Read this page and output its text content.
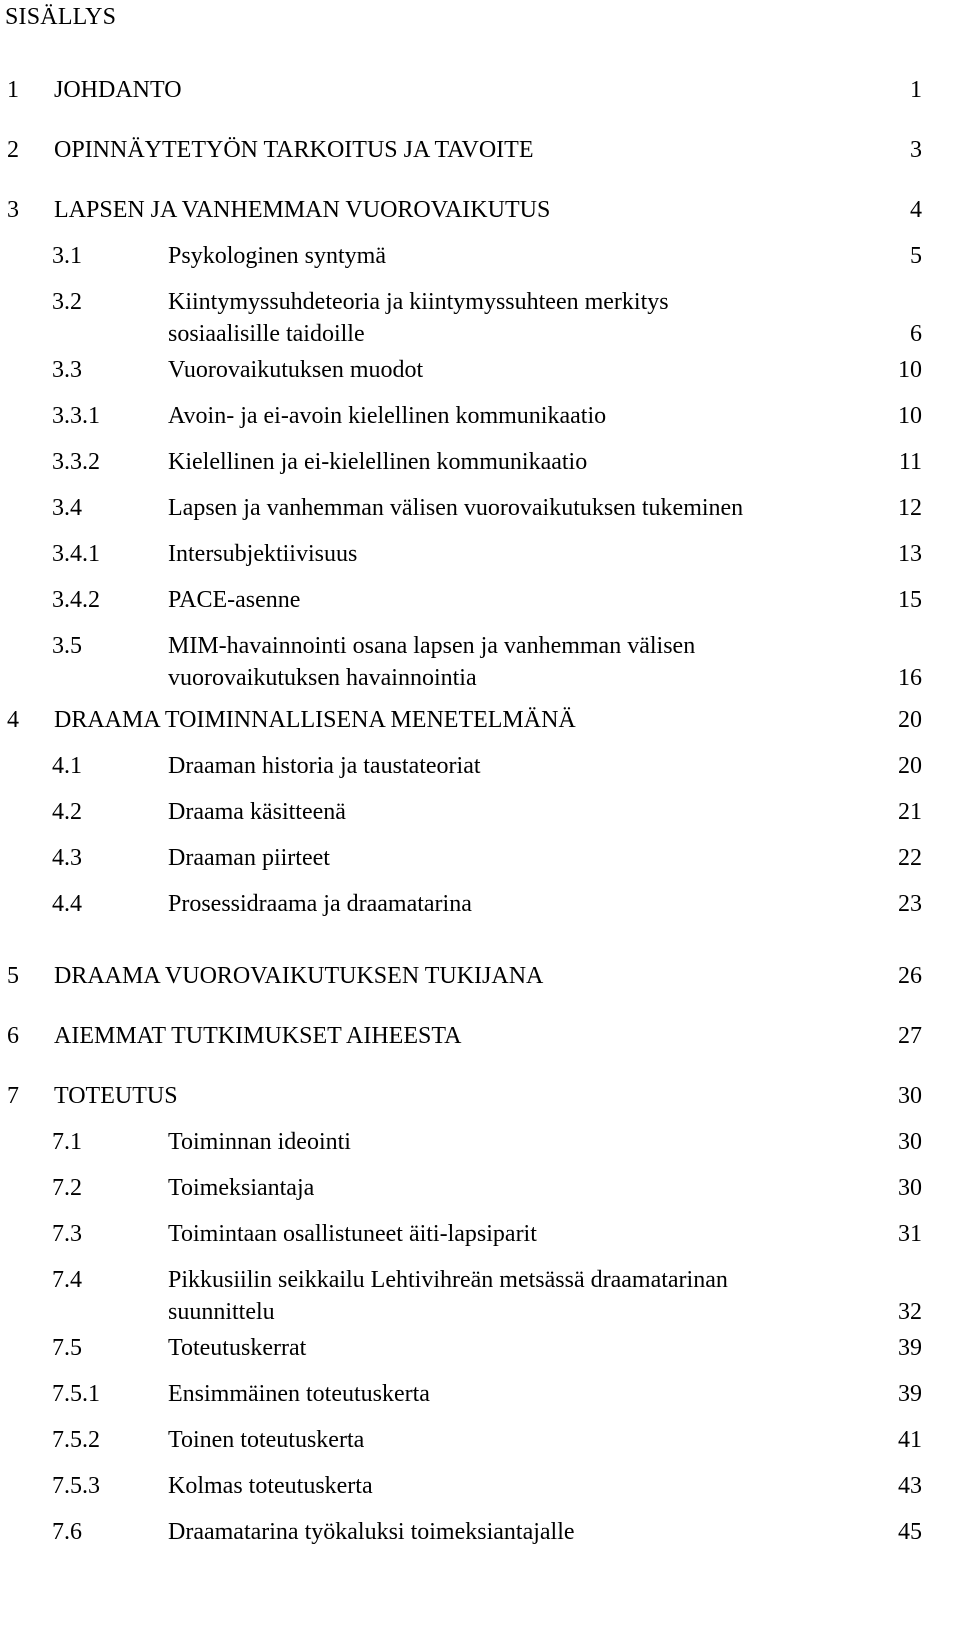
SISÄLLYS
1 JOHDANTO	1
2 OPINNÄYTETYÖN TARKOITUS JA TAVOITE	3
3 LAPSEN JA VANHEMMAN VUOROVAIKUTUS	4
3.1	Psykologinen syntymä	5
3.2	Kiintymyssuhdeteoria ja kiintymyssuhteen merkitys
sosiaalisille taidoille	6
3.3	Vuorovaikutuksen muodot	10
3.3.1	Avoin- ja ei-avoin kielellinen kommunikaatio	10
3.3.2	Kielellinen ja ei-kielellinen kommunikaatio	11
3.4	Lapsen ja vanhemman välisen vuorovaikutuksen tukeminen	12
3.4.1	Intersubjektiivisuus	13
3.4.2	PACE-asenne	15
3.5	MIM-havainnointi osana lapsen ja vanhemman välisen
vuorovaikutuksen havainnointia	16
4 DRAAMA TOIMINNALLISENA MENETELMÄNÄ	20
4.1	Draaman historia ja taustateoriat	20
4.2	Draama käsitteenä	21
4.3	Draaman piirteet	22
4.4	Prosessidraama ja draamatarina	23
5 DRAAMA VUOROVAIKUTUKSEN TUKIJANA	26
6 AIEMMAT TUTKIMUKSET AIHEESTA	27
7 TOTEUTUS	30
7.1	Toiminnan ideointi	30
7.2	Toimeksiantaja	30
7.3	Toimintaan osallistuneet äiti-lapsiparit	31
7.4	Pikkusiilin seikkailu Lehtivihreän metsässä draamatarinan
suunnittelu	32
7.5	Toteutuskerrat	39
7.5.1	Ensimmäinen toteutuskerta	39
7.5.2	Toinen toteutuskerta	41
7.5.3	Kolmas toteutuskerta	43
7.6	Draamatarina työkaluksi toimeksiantajalle	45
